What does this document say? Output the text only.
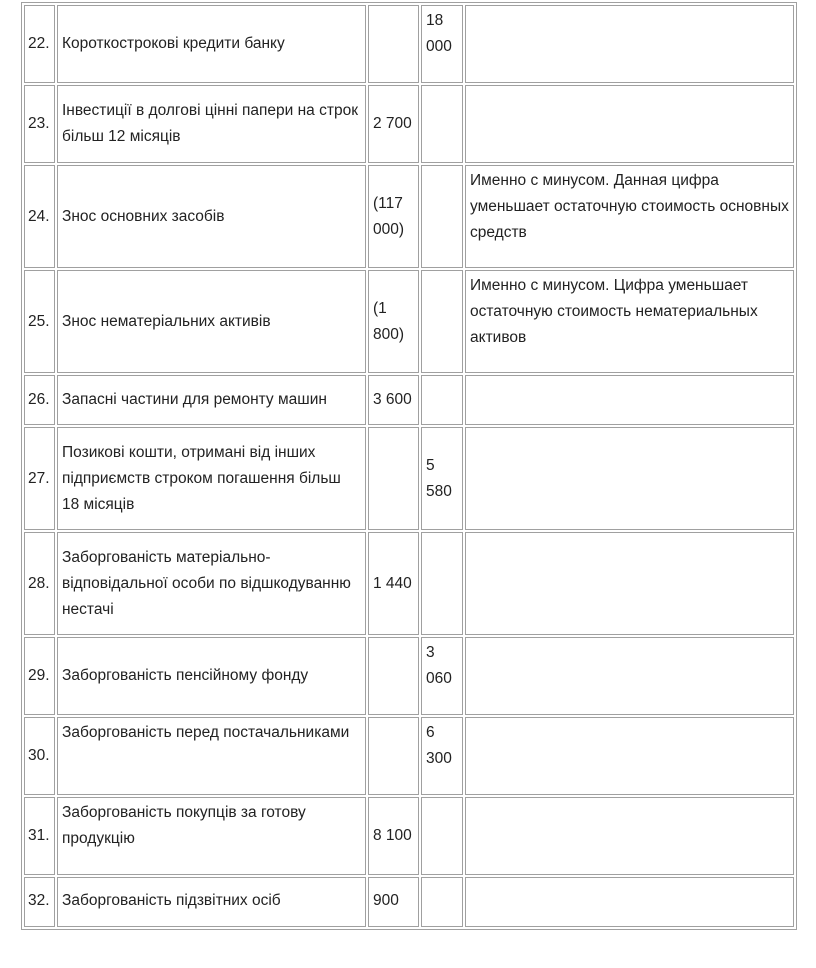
22.	Короткострокові кредити банку		18 000	
23.	Інвестиції в долгові цінні папери на строк більш 12 місяців	2 700		
24.	Знос основних засобів	(117 000)		Именно с минусом. Данная цифра уменьшает остаточную стоимость основных средств
25.	Знос нематеріальних активів	(1 800)		Именно с минусом. Цифра уменьшает остаточную стоимость нематериальных активов
26.	Запасні частини для ремонту машин	3 600		
27.	Позикові кошти, отримані від інших підприємств строком погашення більш 18 місяців		5 580	
28.	Заборгованість матеріально-відповідальної особи по відшкодуванню нестачі	1 440		
29.	Заборгованість пенсійному фонду		3 060	
30.	Заборгованість перед постачальниками		6 300	
31.	Заборгованість покупців за готову продукцію	8 100		
32.	Заборгованість підзвітних осіб	900		
